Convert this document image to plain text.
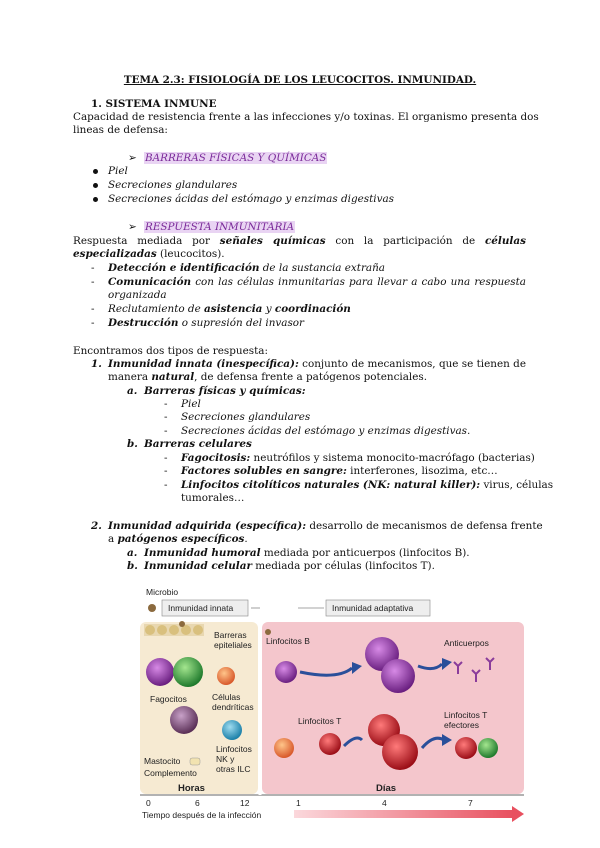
TEMA 2.3: FISIOLOGÍA DE LOS LEUCOCITOS. INMUNIDAD.
1. SISTEMA INMUNE
Capacidad de resistencia frente a las infecciones y/o toxinas. El organismo presenta dos
lineas de defensa:
➢ BARRERAS FÍSICAS Y QUÍMICAS
Piel
Secreciones glandulares
Secreciones ácidas del estómago y enzimas digestivas
➢ RESPUESTA INMUNITARIA
Respuesta mediada por señales químicas con la participación de células
especializadas (leucocitos).
- Detección e identificación de la sustancia extraña
- Comunicación con las células inmunitarias para llevar a cabo una respuesta
organizada
- Reclutamiento de asistencia y coordinación
- Destrucción o supresión del invasor
Encontramos dos tipos de respuesta:
1. Inmunidad innata (inespecífica): conjunto de mecanismos, que se tienen de
manera natural, de defensa frente a patógenos potenciales.
a. Barreras físicas y químicas:
- Piel
- Secreciones glandulares
- Secreciones ácidas del estómago y enzimas digestivas.
b. Barreras celulares
- Fagocitosis: neutrófilos y sistema monocito-macrófago (bacterias)
- Factores solubles en sangre: interferones, lisozima, etc…
- Linfocitos citolíticos naturales (NK: natural killer): virus, células
tumorales…
2. Inmunidad adquirida (específica): desarrollo de mecanismos de defensa frente
a patógenos específicos.
a. Inmunidad humoral mediada por anticuerpos (linfocitos B).
b. Inmunidad celular mediada por células (linfocitos T).
Microbio
Inmunidad innata	Inmunidad adaptativa
Barreras
epiteliales
Fagocitos	Células
dendríticas
Mastocito
Complemento
Linfocitos
NK y
otras ILC
Horas
Linfocitos B	Anticuerpos
Linfocitos T
Linfocitos T
efectores
Días
0	6	12	1	4	7
Tiempo después de la infección
